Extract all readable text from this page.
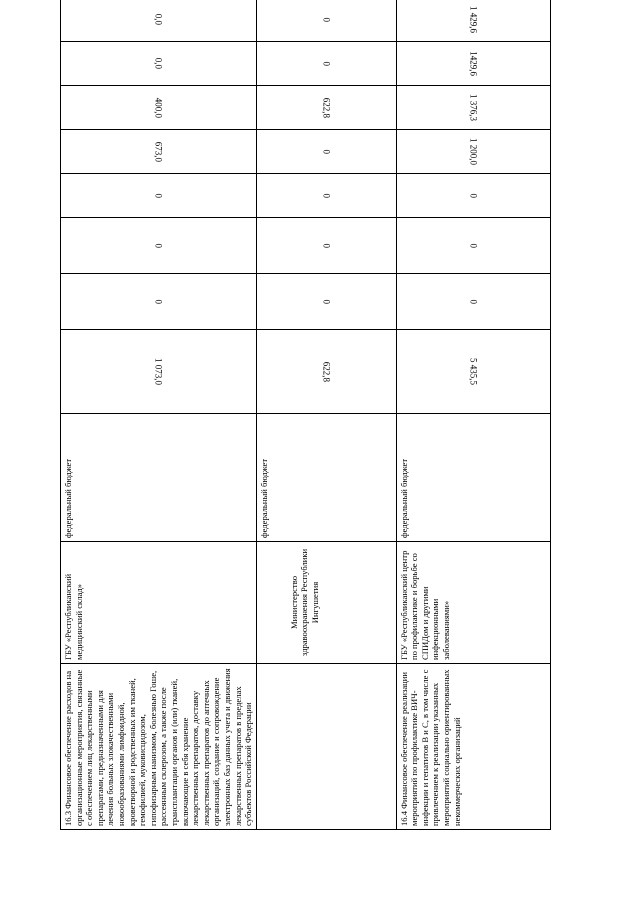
16.3 Финансовое обеспечение расходов на организационные мероприятия, связанные с обеспечением лиц лекарственными препаратами, предназначенными для лечения больных злокачественными новообразованиями лимфоидной, кроветворной и родственных им тканей, гемофилией, муковисцидозом, гипофизарным нанизмом, болезнью Гоше, рассеянным склерозом, а также после трансплантации органов и (или) тканей, включающие в себя хранение лекарственных препаратов, доставку лекарственных препаратов до аптечных организаций, создание и сопровождение электронных баз данных учета и движения лекарственных препаратов в пределах субъектов Российской Федерации	ГБУ «Республиканский медицинский склад»	федеральный бюджет	1 073,0	0	0	0	673,0	400,0	0,0	0,0

	Министерство здравоохранения Республики Ингушетия	федеральный бюджет	622,8	0	0	0	0	622,8	0	0
16.4 Финансовое обеспечение реализации мероприятий по профилактике ВИЧ-инфекции и гепатитов В и С, в том числе с привлечением к реализации указанных мероприятий социально ориентированных некоммерческих организаций	ГБУ «Республиканский центр по профилактике и борьбе со СПИДом и другими инфекционными заболеваниями»	федеральный бюджет	5 435,5	0	0	0	1 200,0	1 376,3	1429,6	1 429,6
